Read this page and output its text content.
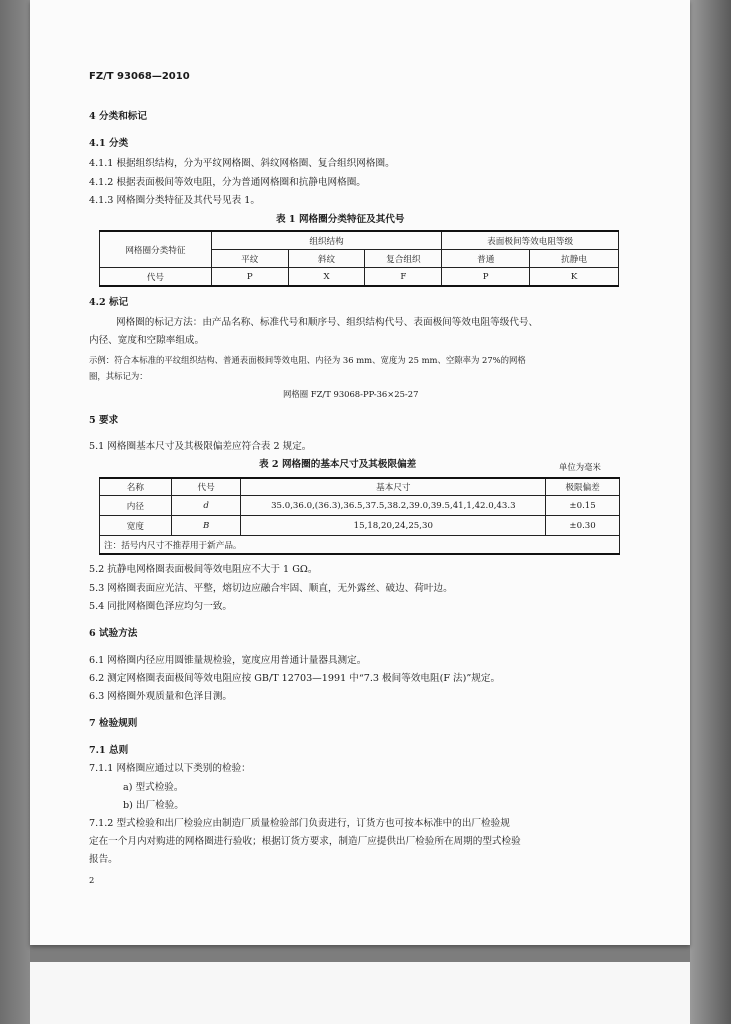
FZ/T 93068—2010
4 分类和标记
4.1 分类
4.1.1 根据组织结构，分为平纹网格圈、斜纹网格圈、复合组织网格圈。
4.1.2 根据表面极间等效电阻，分为普通网格圈和抗静电网格圈。
4.1.3 网格圈分类特征及其代号见表 1。
表 1 网格圈分类特征及其代号
网格圈分类特征	组织结构			表面极间等效电阻等级	
	平纹	斜纹	复合组织	普通	抗静电
代号	P	X	F	P	K
4.2 标记
网格圈的标记方法：由产品名称、标准代号和顺序号、组织结构代号、表面极间等效电阻等级代号、
内径、宽度和空隙率组成。
示例：符合本标准的平纹组织结构、普通表面极间等效电阻、内径为 36 mm、宽度为 25 mm、空隙率为 27%的网格
圈，其标记为：
网格圈 FZ/T 93068-PP-36×25-27
5 要求
5.1 网格圈基本尺寸及其极限偏差应符合表 2 规定。
表 2 网格圈的基本尺寸及其极限偏差	单位为毫米
名称	代号	基本尺寸	极限偏差
内径	d	35.0,36.0,(36.3),36.5,37.5,38.2,39.0,39.5,41,1,42.0,43.3	±0.15
宽度	B	15,18,20,24,25,30	±0.30
注：括号内尺寸不推荐用于新产品。			
5.2 抗静电网格圈表面极间等效电阻应不大于 1 GΩ。
5.3 网格圈表面应光洁、平整，熔切边应融合牢固、顺直，无外露丝、破边、荷叶边。
5.4 同批网格圈色泽应均匀一致。
6 试验方法
6.1 网格圈内径应用圆锥量规检验，宽度应用普通计量器具测定。
6.2 测定网格圈表面极间等效电阻应按 GB/T 12703—1991 中“7.3 极间等效电阻(F 法)”规定。
6.3 网格圈外观质量和色泽目测。
7 检验规则
7.1 总则
7.1.1 网格圈应通过以下类别的检验：
a) 型式检验。
b) 出厂检验。
7.1.2 型式检验和出厂检验应由制造厂质量检验部门负责进行，订货方也可按本标准中的出厂检验规
定在一个月内对购进的网格圈进行验收；根据订货方要求，制造厂应提供出厂检验所在周期的型式检验
报告。
2
